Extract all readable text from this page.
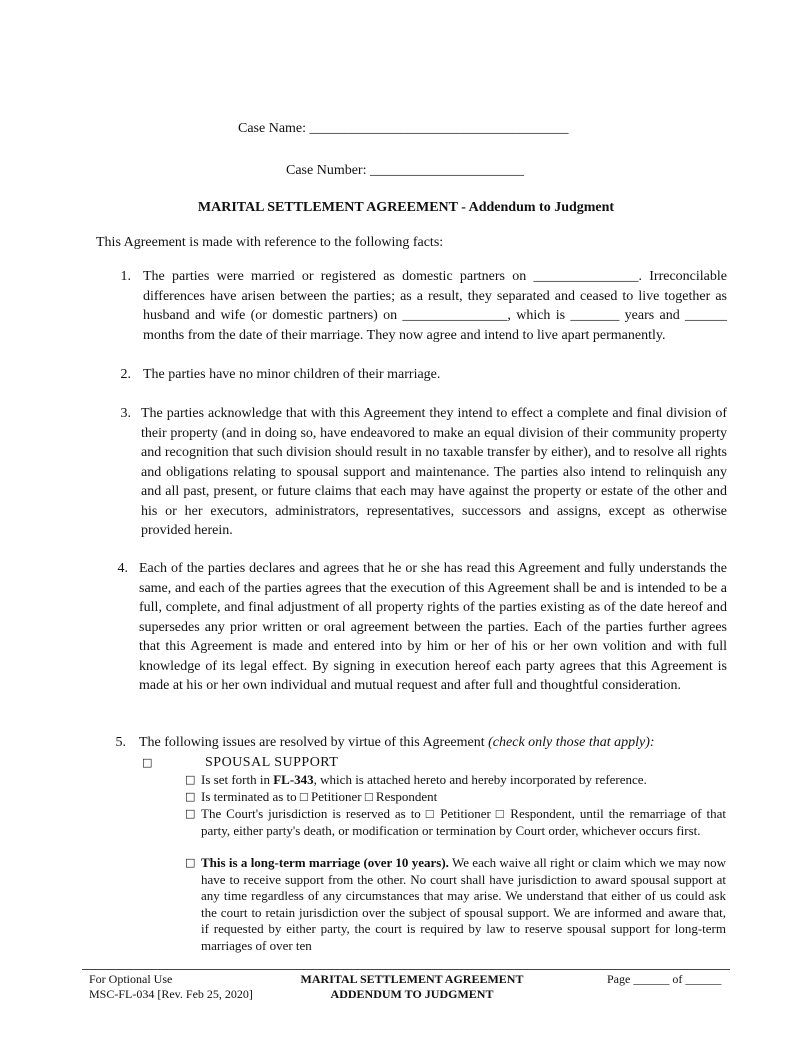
Case Name: _____________________________________
Case Number: ______________________
MARITAL SETTLEMENT AGREEMENT - Addendum to Judgment
This Agreement is made with reference to the following facts:
1. The parties were married or registered as domestic partners on _______________. Irreconcilable differences have arisen between the parties; as a result, they separated and ceased to live together as husband and wife (or domestic partners) on _______________, which is _______ years and ______ months from the date of their marriage. They now agree and intend to live apart permanently.
2. The parties have no minor children of their marriage.
3. The parties acknowledge that with this Agreement they intend to effect a complete and final division of their property (and in doing so, have endeavored to make an equal division of their community property and recognition that such division should result in no taxable transfer by either), and to resolve all rights and obligations relating to spousal support and maintenance. The parties also intend to relinquish any and all past, present, or future claims that each may have against the property or estate of the other and his or her executors, administrators, representatives, successors and assigns, except as otherwise provided herein.
4. Each of the parties declares and agrees that he or she has read this Agreement and fully understands the same, and each of the parties agrees that the execution of this Agreement shall be and is intended to be a full, complete, and final adjustment of all property rights of the parties existing as of the date hereof and supersedes any prior written or oral agreement between the parties. Each of the parties further agrees that this Agreement is made and entered into by him or her of his or her own volition and with full knowledge of its legal effect. By signing in execution hereof each party agrees that this Agreement is made at his or her own individual and mutual request and after full and thoughtful consideration.
5. The following issues are resolved by virtue of this Agreement (check only those that apply):
□	SPOUSAL SUPPORT
□ Is set forth in FL-343, which is attached hereto and hereby incorporated by reference.
□ Is terminated as to □ Petitioner □ Respondent
□ The Court's jurisdiction is reserved as to □ Petitioner □ Respondent, until the remarriage of that party, either party's death, or modification or termination by Court order, whichever occurs first.
□ This is a long-term marriage (over 10 years). We each waive all right or claim which we may now have to receive support from the other. No court shall have jurisdiction to award spousal support at any time regardless of any circumstances that may arise. We understand that either of us could ask the court to retain jurisdiction over the subject of spousal support. We are informed and aware that, if requested by either party, the court is required by law to reserve spousal support for long-term marriages of over ten
For Optional Use
MSC-FL-034 [Rev. Feb 25, 2020]
MARITAL SETTLEMENT AGREEMENT
ADDENDUM TO JUDGMENT
Page ______ of ______
